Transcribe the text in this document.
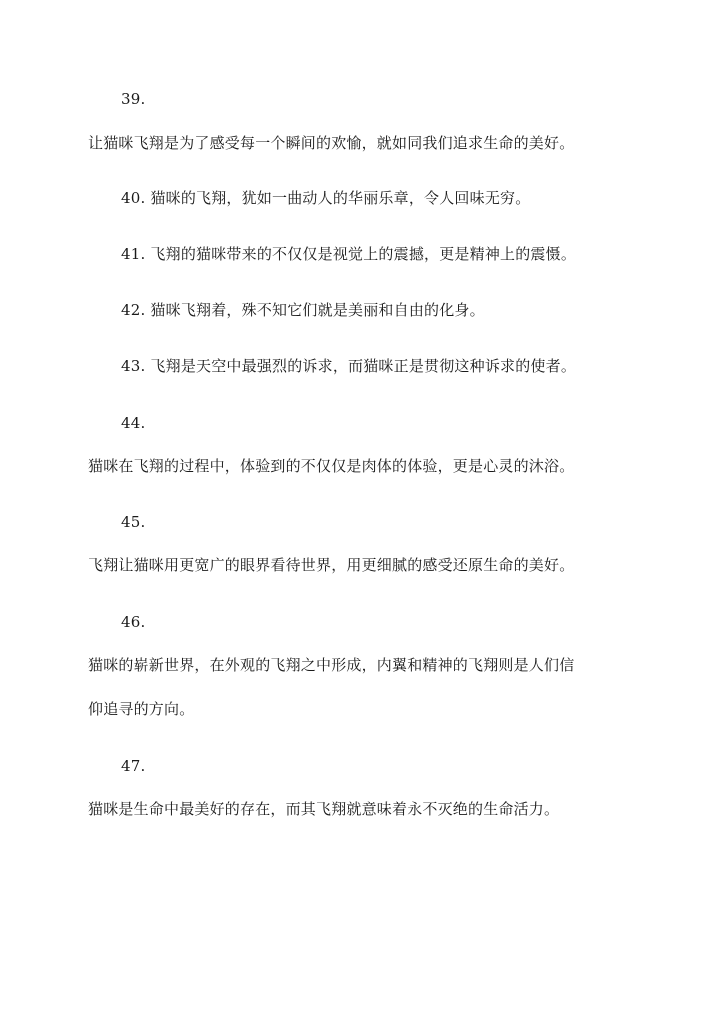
39.
让猫咪飞翔是为了感受每一个瞬间的欢愉，就如同我们追求生命的美好。
40. 猫咪的飞翔，犹如一曲动人的华丽乐章，令人回味无穷。
41. 飞翔的猫咪带来的不仅仅是视觉上的震撼，更是精神上的震慑。
42. 猫咪飞翔着，殊不知它们就是美丽和自由的化身。
43. 飞翔是天空中最强烈的诉求，而猫咪正是贯彻这种诉求的使者。
44.
猫咪在飞翔的过程中，体验到的不仅仅是肉体的体验，更是心灵的沐浴。
45.
飞翔让猫咪用更宽广的眼界看待世界，用更细腻的感受还原生命的美好。
46.
猫咪的崭新世界，在外观的飞翔之中形成，内翼和精神的飞翔则是人们信
仰追寻的方向。
47.
猫咪是生命中最美好的存在，而其飞翔就意味着永不灭绝的生命活力。
